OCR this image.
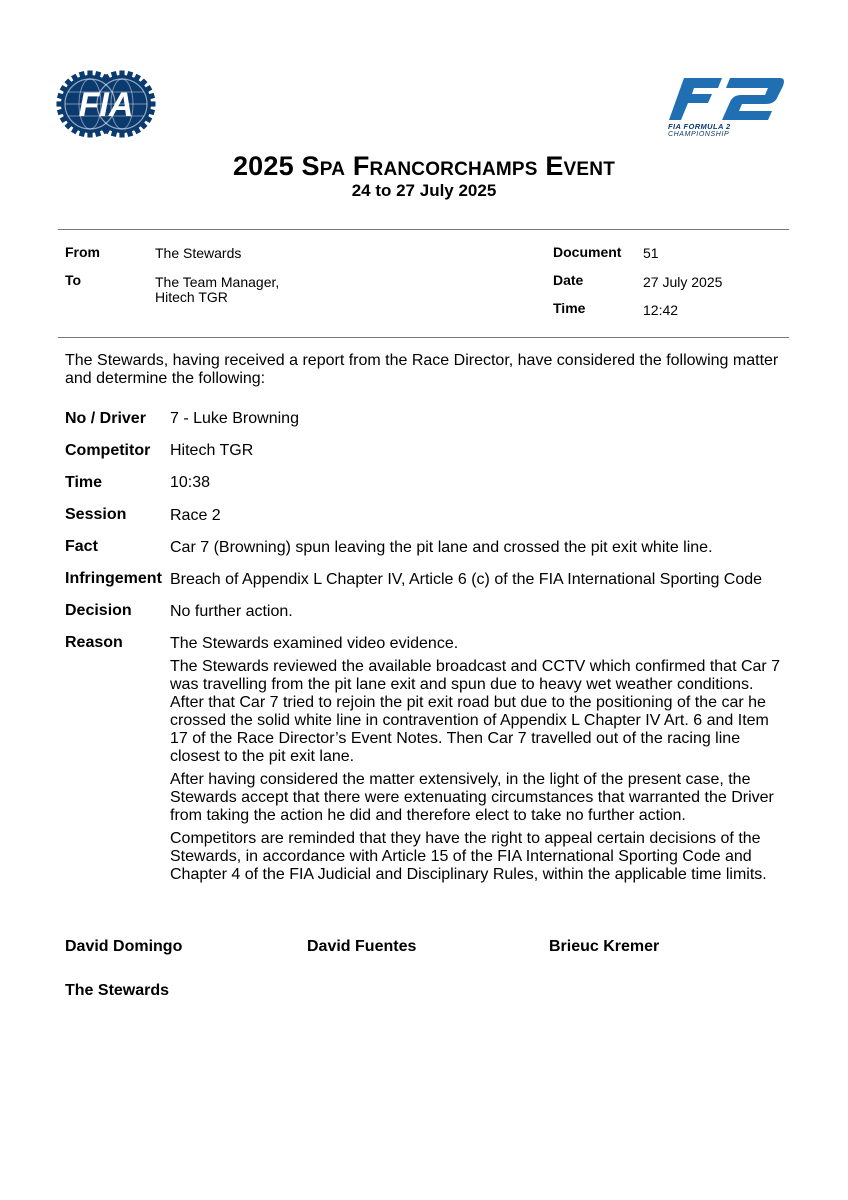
FIA
FIA FORMULA 2
CHAMPIONSHIP
2025 Spa Francorchamps Event
24 to 27 July 2025
From	The Stewards
To	The Team Manager,
Hitech TGR
Document 51
Date	27 July 2025
Time	12:42
The Stewards, having received a report from the Race Director, have considered the following matter and determine the following:
No / Driver 7 - Luke Browning
Competitor Hitech TGR
Time	10:38
Session	Race 2
Fact	Car 7 (Browning) spun leaving the pit lane and crossed the pit exit white line.
Infringement Breach of Appendix L Chapter IV, Article 6 (c) of the FIA International Sporting Code
Decision No further action.
Reason	The Stewards examined video evidence.
The Stewards reviewed the available broadcast and CCTV which confirmed that Car 7 was travelling from the pit lane exit and spun due to heavy wet weather conditions. After that Car 7 tried to rejoin the pit exit road but due to the positioning of the car he crossed the solid white line in contravention of Appendix L Chapter IV Art. 6 and Item 17 of the Race Director’s Event Notes. Then Car 7 travelled out of the racing line closest to the pit exit lane.
After having considered the matter extensively, in the light of the present case, the Stewards accept that there were extenuating circumstances that warranted the Driver from taking the action he did and therefore elect to take no further action.
Competitors are reminded that they have the right to appeal certain decisions of the Stewards, in accordance with Article 15 of the FIA International Sporting Code and Chapter 4 of the FIA Judicial and Disciplinary Rules, within the applicable time limits.
David Domingo	David Fuentes	Brieuc Kremer
The Stewards
